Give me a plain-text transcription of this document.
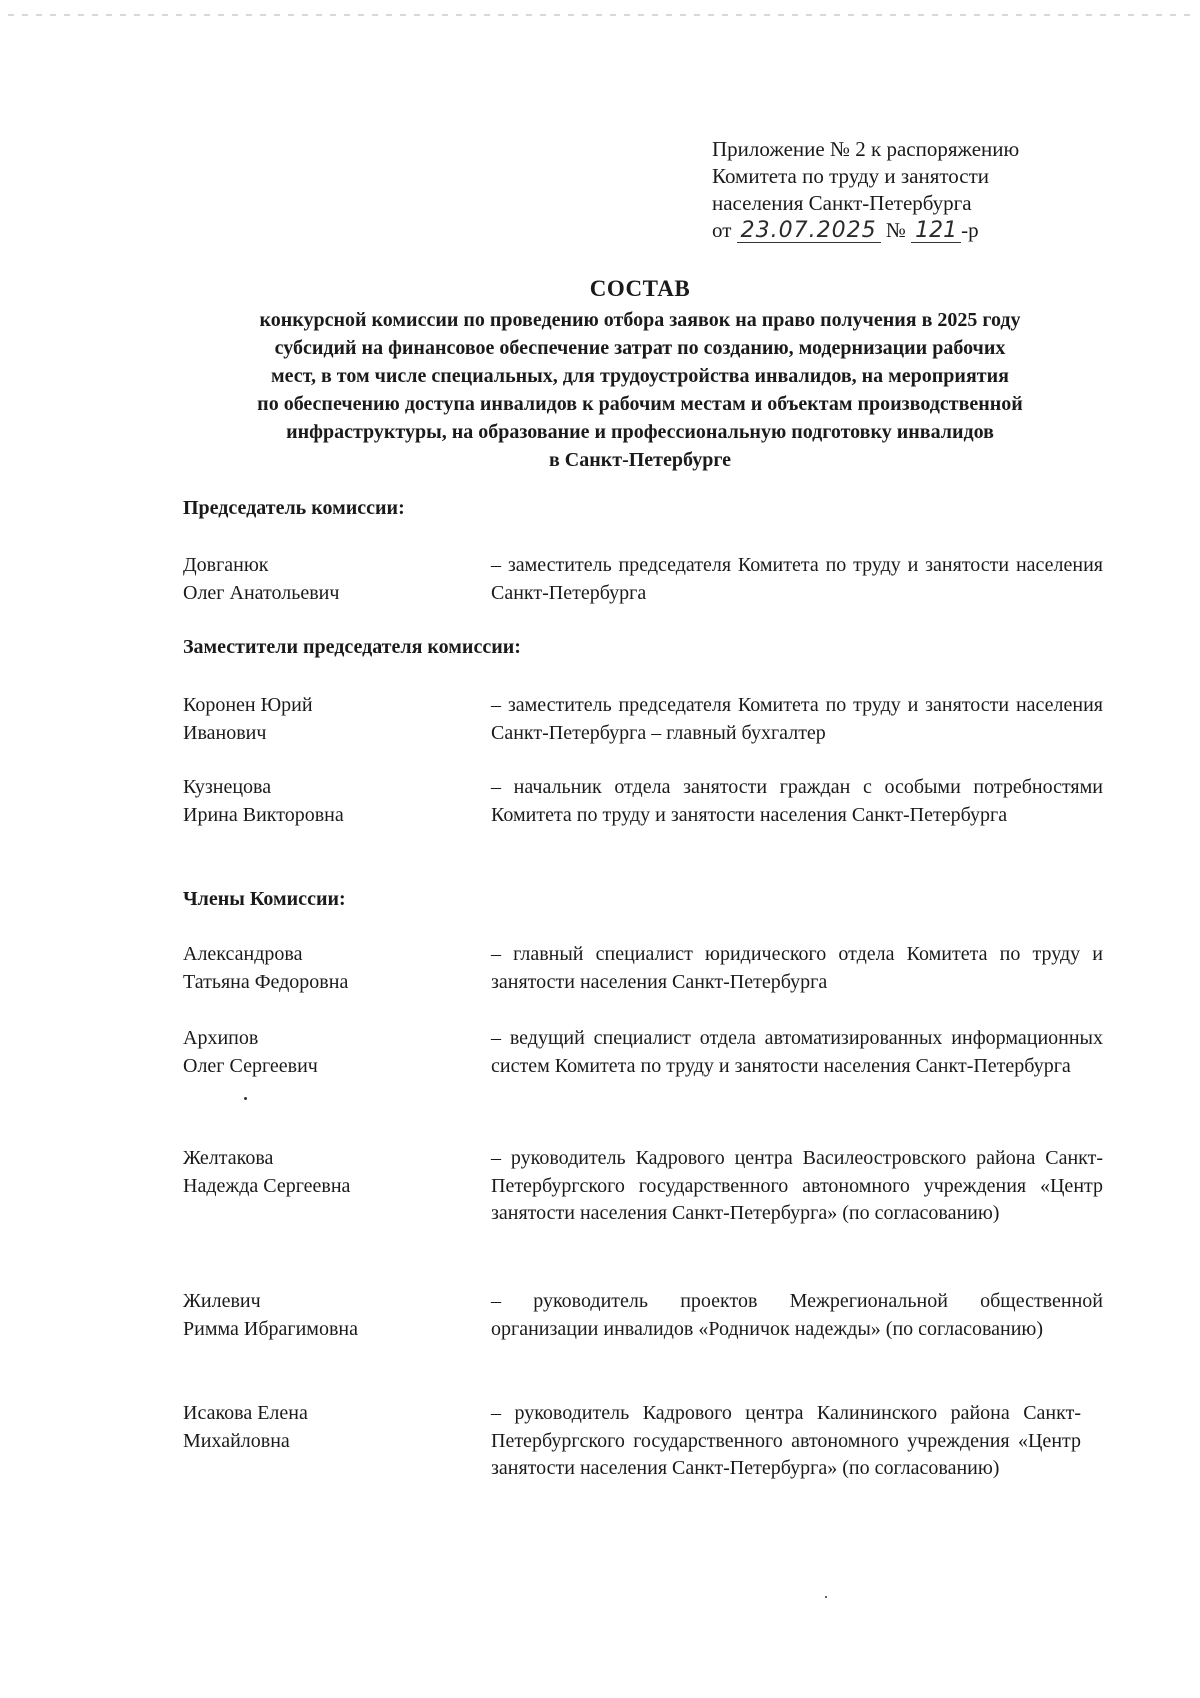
Приложение № 2 к распоряжению
Комитета по труду и занятости
населения Санкт-Петербурга
от 23.07.2025 № 121 -р
СОСТАВ
конкурсной комиссии по проведению отбора заявок на право получения в 2025 году
субсидий на финансовое обеспечение затрат по созданию, модернизации рабочих
мест, в том числе специальных, для трудоустройства инвалидов, на мероприятия
по обеспечению доступа инвалидов к рабочим местам и объектам производственной
инфраструктуры, на образование и профессиональную подготовку инвалидов
в Санкт-Петербурге
Председатель комиссии:
Довганюк
Олег Анатольевич
– заместитель председателя Комитета по труду и занятости населения Санкт-Петербурга
Заместители председателя комиссии:
Коронен Юрий
Иванович
– заместитель председателя Комитета по труду и занятости населения Санкт-Петербурга – главный бухгалтер
Кузнецова
Ирина Викторовна
– начальник отдела занятости граждан с особыми потребностями Комитета по труду и занятости населения Санкт-Петербурга
Члены Комиссии:
Александрова
Татьяна Федоровна
– главный специалист юридического отдела Комитета по труду и занятости населения Санкт-Петербурга
Архипов
Олег Сергеевич
– ведущий специалист отдела автоматизированных информационных систем Комитета по труду и занятости населения Санкт-Петербурга
Желтакова
Надежда Сергеевна
– руководитель Кадрового центра Василеостровского района Санкт-Петербургского государственного автономного учреждения «Центр занятости населения Санкт-Петербурга» (по согласованию)
Жилевич
Римма Ибрагимовна
– руководитель проектов Межрегиональной общественной организации инвалидов «Родничок надежды» (по согласованию)
Исакова Елена
Михайловна
– руководитель Кадрового центра Калининского района Санкт-Петербургского государственного автономного учреждения «Центр занятости населения Санкт-Петербурга» (по согласованию)
